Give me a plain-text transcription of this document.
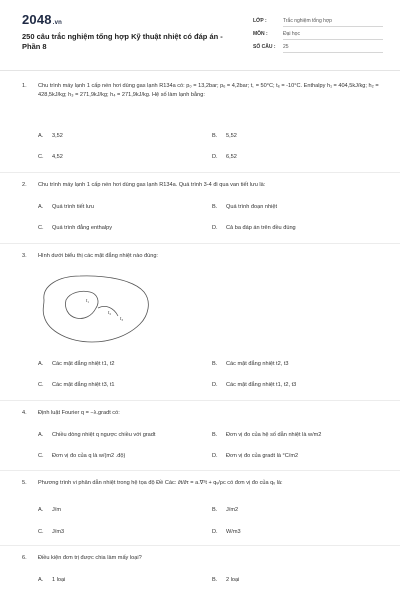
2048.vn
250 câu trắc nghiệm tổng hợp Kỹ thuật nhiệt có đáp án -
Phần 8
LỚP :	Trắc nghiệm tổng hợp
MÔN :	Đại học
SỐ CÂU : 25
1. Chu trình máy lạnh 1 cấp nén hơi dùng gas lạnh R134a có: p₀ = 13,2bar; pₑ = 4,2bar; t꜀ = 50°C; tₑ = -10°C. Enthalpy h₁ = 404,5kJ/kg; h₂ = 428,5kJ/kg; h₃ = 271,9kJ/kg; h₄ = 271,9kJ/kg. Hệ số làm lạnh bằng:
A. 3,52	B. 5,52
C. 4,52	D. 6,52
2. Chu trình máy lạnh 1 cấp nén hơi dùng gas lạnh R134a. Quá trình 3-4 đi qua van tiết lưu là:
A. Quá trình tiết lưu	B. Quá trình đoạn nhiệt
C. Quá trình đẳng enthalpy	D. Cả ba đáp án trên đều đúng
3. Hình dưới biểu thị các mặt đẳng nhiệt nào đúng:
A. Các mặt đẳng nhiệt t1, t2	B. Các mặt đẳng nhiệt t2, t3
C. Các mặt đẳng nhiệt t3, t1	D. Các mặt đẳng nhiệt t1, t2, t3
t₁
t₂
t₃
4. Định luật Fourier q = −λ.gradt có:
A. Chiều dòng nhiệt q ngược chiều với gradt	B. Đơn vị đo của hệ số dẫn nhiệt là w/m2
C. Đơn vị đo của q là w/(m2 .độ)	D. Đơn vị đo của gradt là °C/m2
5. Phương trình vi phân dẫn nhiệt trong hệ tọa độ Đề Các: ∂t/∂τ = a.∇²t + qᵥ/ρc có đơn vị đo của qᵥ là:
A. J/m	B. J/m2
C. J/m3	D. W/m3
6. Điều kiện đơn trị được chia làm mấy loại?
A. 1 loại	B. 2 loại
